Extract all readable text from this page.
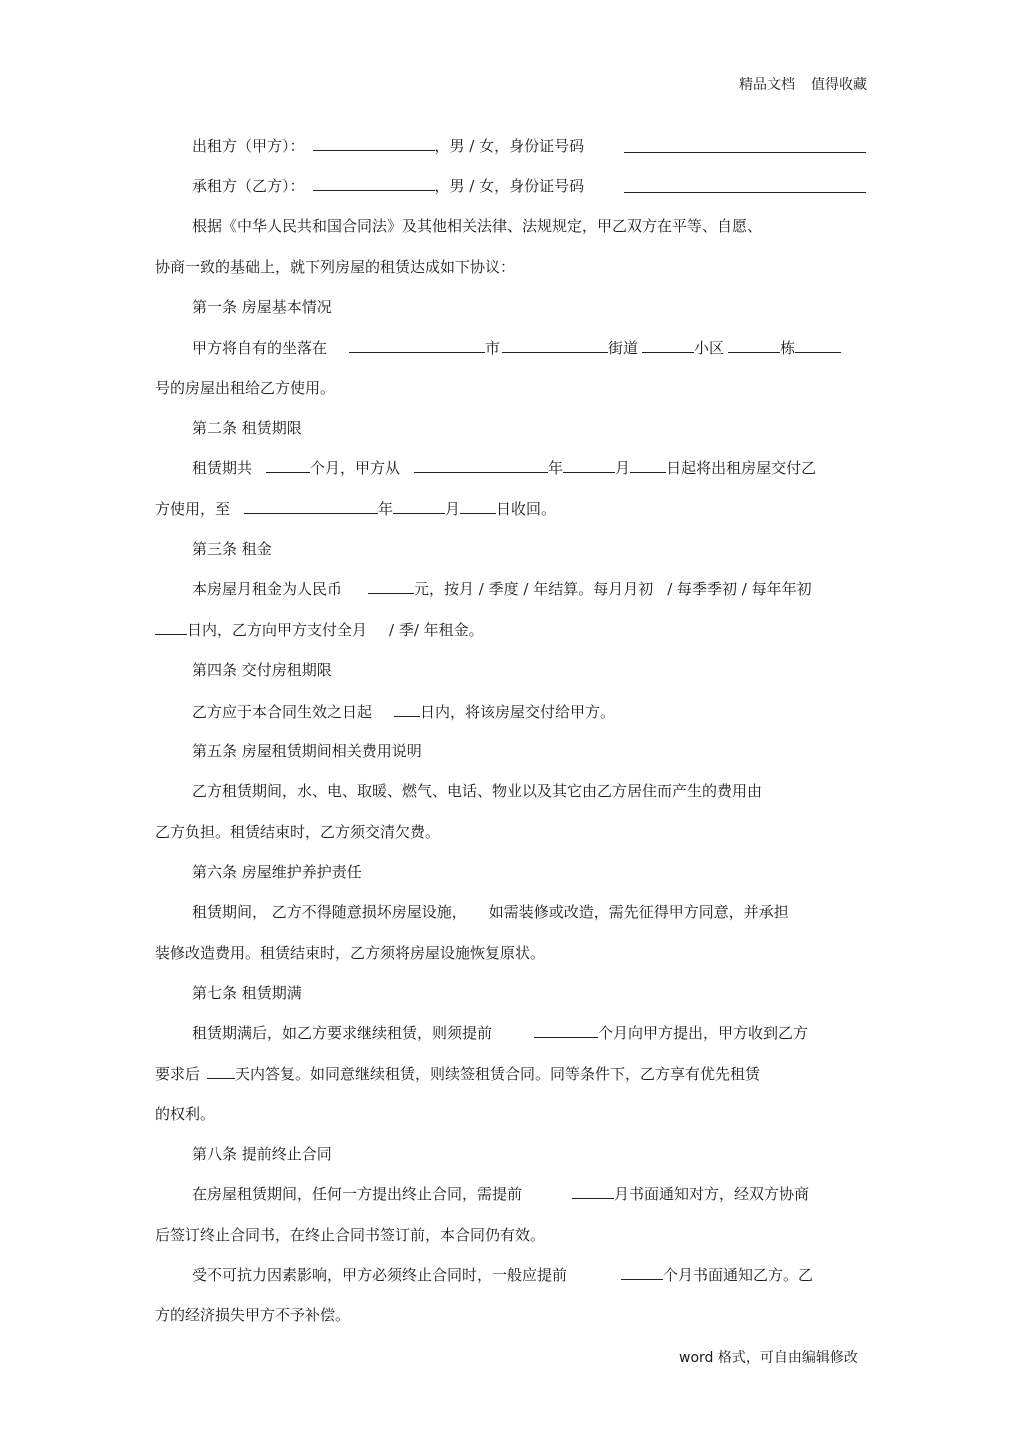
精品文档 值得收藏
出租方（甲方）：	，男 / 女，身份证号码
承租方（乙方）：	，男 / 女，身份证号码
根据《中华人民共和国合同法》及其他相关法律、法规规定，甲乙双方在平等、自愿、
协商一致的基础上，就下列房屋的租赁达成如下协议：
第一条 房屋基本情况
甲方将自有的坐落在	市	街道	小区	栋
号的房屋出租给乙方使用。
第二条 租赁期限
租赁期共	个月，甲方从	年	月 日起将出租房屋交付乙
方使用，至	年	月 日收回。
第三条 租金
本房屋月租金为人民币	元，按月 / 季度 / 年结算。每月月初 / 每季季初 / 每年年初
日内，乙方向甲方支付全月 / 季/ 年租金。
第四条 交付房租期限
乙方应于本合同生效之日起	日内，将该房屋交付给甲方。
第五条 房屋租赁期间相关费用说明
乙方租赁期间，水、电、取暖、燃气、电话、物业以及其它由乙方居住而产生的费用由
乙方负担。租赁结束时，乙方须交清欠费。
第六条 房屋维护养护责任
租赁期间， 乙方不得随意损坏房屋设施， 如需装修或改造，需先征得甲方同意，并承担
装修改造费用。租赁结束时，乙方须将房屋设施恢复原状。
第七条 租赁期满
租赁期满后，如乙方要求继续租赁，则须提前	个月向甲方提出，甲方收到乙方
要求后 天内答复。如同意继续租赁，则续签租赁合同。同等条件下，乙方享有优先租赁
的权利。
第八条 提前终止合同
在房屋租赁期间，任何一方提出终止合同，需提前	月书面通知对方，经双方协商
后签订终止合同书，在终止合同书签订前，本合同仍有效。
受不可抗力因素影响，甲方必须终止合同时，一般应提前	个月书面通知乙方。乙
方的经济损失甲方不予补偿。
word 格式，可自由编辑修改
